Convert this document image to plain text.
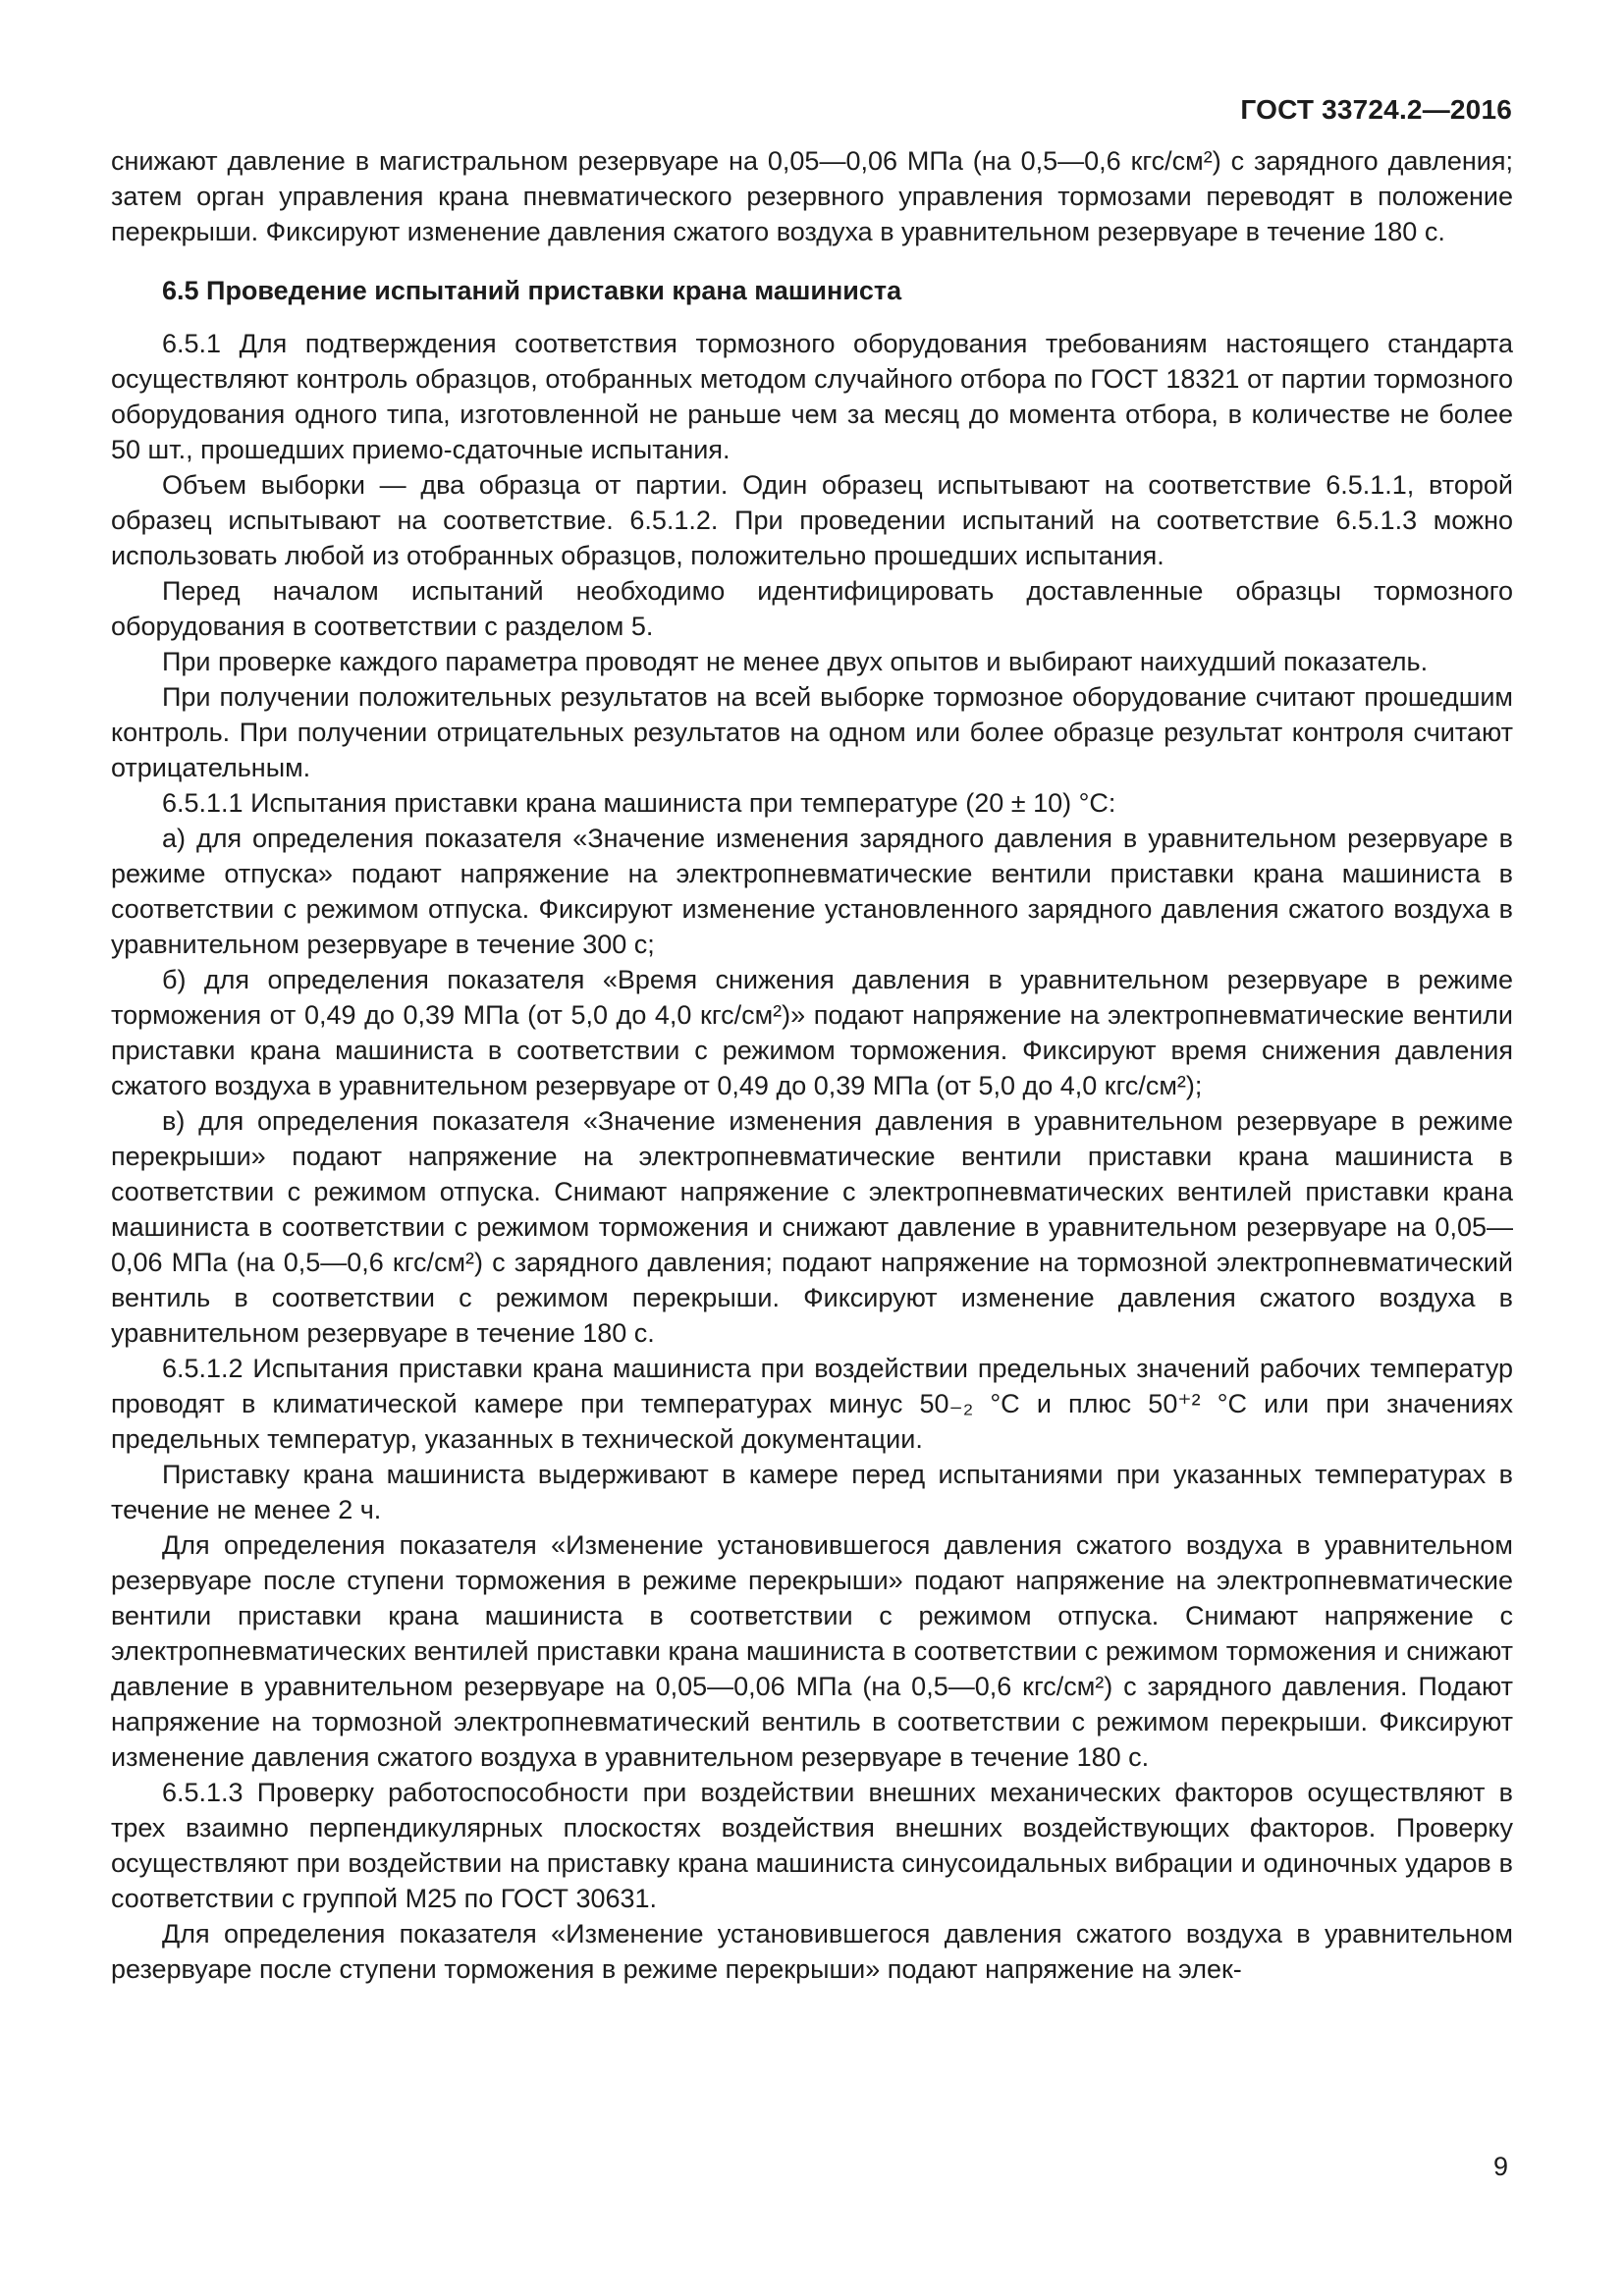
ГОСТ 33724.2—2016

снижают давление в магистральном резервуаре на 0,05—0,06 МПа (на 0,5—0,6 кгс/см²) с зарядного давления; затем орган управления крана пневматического резервного управления тормозами переводят в положение перекрыши. Фиксируют изменение давления сжатого воздуха в уравнительном резервуаре в течение 180 с.

6.5 Проведение испытаний приставки крана машиниста

6.5.1 Для подтверждения соответствия тормозного оборудования требованиям настоящего стандарта осуществляют контроль образцов, отобранных методом случайного отбора по ГОСТ 18321 от партии тормозного оборудования одного типа, изготовленной не раньше чем за месяц до момента отбора, в количестве не более 50 шт., прошедших приемо-сдаточные испытания.

Объем выборки — два образца от партии. Один образец испытывают на соответствие 6.5.1.1, второй образец испытывают на соответствие. 6.5.1.2. При проведении испытаний на соответствие 6.5.1.3 можно использовать любой из отобранных образцов, положительно прошедших испытания.

Перед началом испытаний необходимо идентифицировать доставленные образцы тормозного оборудования в соответствии с разделом 5.

При проверке каждого параметра проводят не менее двух опытов и выбирают наихудший показатель.

При получении положительных результатов на всей выборке тормозное оборудование считают прошедшим контроль. При получении отрицательных результатов на одном или более образце результат контроля считают отрицательным.

6.5.1.1 Испытания приставки крана машиниста при температуре (20 ± 10) °С:

а) для определения показателя «Значение изменения зарядного давления в уравнительном резервуаре в режиме отпуска» подают напряжение на электропневматические вентили приставки крана машиниста в соответствии с режимом отпуска. Фиксируют изменение установленного зарядного давления сжатого воздуха в уравнительном резервуаре в течение 300 с;

б) для определения показателя «Время снижения давления в уравнительном резервуаре в режиме торможения от 0,49 до 0,39 МПа (от 5,0 до 4,0 кгс/см²)» подают напряжение на электропневматические вентили приставки крана машиниста в соответствии с режимом торможения. Фиксируют время снижения давления сжатого воздуха в уравнительном резервуаре от 0,49 до 0,39 МПа (от 5,0 до 4,0 кгс/см²);

в) для определения показателя «Значение изменения давления в уравнительном резервуаре в режиме перекрыши» подают напряжение на электропневматические вентили приставки крана машиниста в соответствии с режимом отпуска. Снимают напряжение с электропневматических вентилей приставки крана машиниста в соответствии с режимом торможения и снижают давление в уравнительном резервуаре на 0,05—0,06 МПа (на 0,5—0,6 кгс/см²) с зарядного давления; подают напряжение на тормозной электропневматический вентиль в соответствии с режимом перекрыши. Фиксируют изменение давления сжатого воздуха в уравнительном резервуаре в течение 180 с.

6.5.1.2 Испытания приставки крана машиниста при воздействии предельных значений рабочих температур проводят в климатической камере при температурах минус 50₋₂ °С и плюс 50⁺² °С или при значениях предельных температур, указанных в технической документации.

Приставку крана машиниста выдерживают в камере перед испытаниями при указанных температурах в течение не менее 2 ч.

Для определения показателя «Изменение установившегося давления сжатого воздуха в уравнительном резервуаре после ступени торможения в режиме перекрыши» подают напряжение на электропневматические вентили приставки крана машиниста в соответствии с режимом отпуска. Снимают напряжение с электропневматических вентилей приставки крана машиниста в соответствии с режимом торможения и снижают давление в уравнительном резервуаре на 0,05—0,06 МПа (на 0,5—0,6 кгс/см²) с зарядного давления. Подают напряжение на тормозной электропневматический вентиль в соответствии с режимом перекрыши. Фиксируют изменение давления сжатого воздуха в уравнительном резервуаре в течение 180 с.

6.5.1.3 Проверку работоспособности при воздействии внешних механических факторов осуществляют в трех взаимно перпендикулярных плоскостях воздействия внешних воздействующих факторов. Проверку осуществляют при воздействии на приставку крана машиниста синусоидальных вибрации и одиночных ударов в соответствии с группой М25 по ГОСТ 30631.

Для определения показателя «Изменение установившегося давления сжатого воздуха в уравнительном резервуаре после ступени торможения в режиме перекрыши» подают напряжение на элек-

9
